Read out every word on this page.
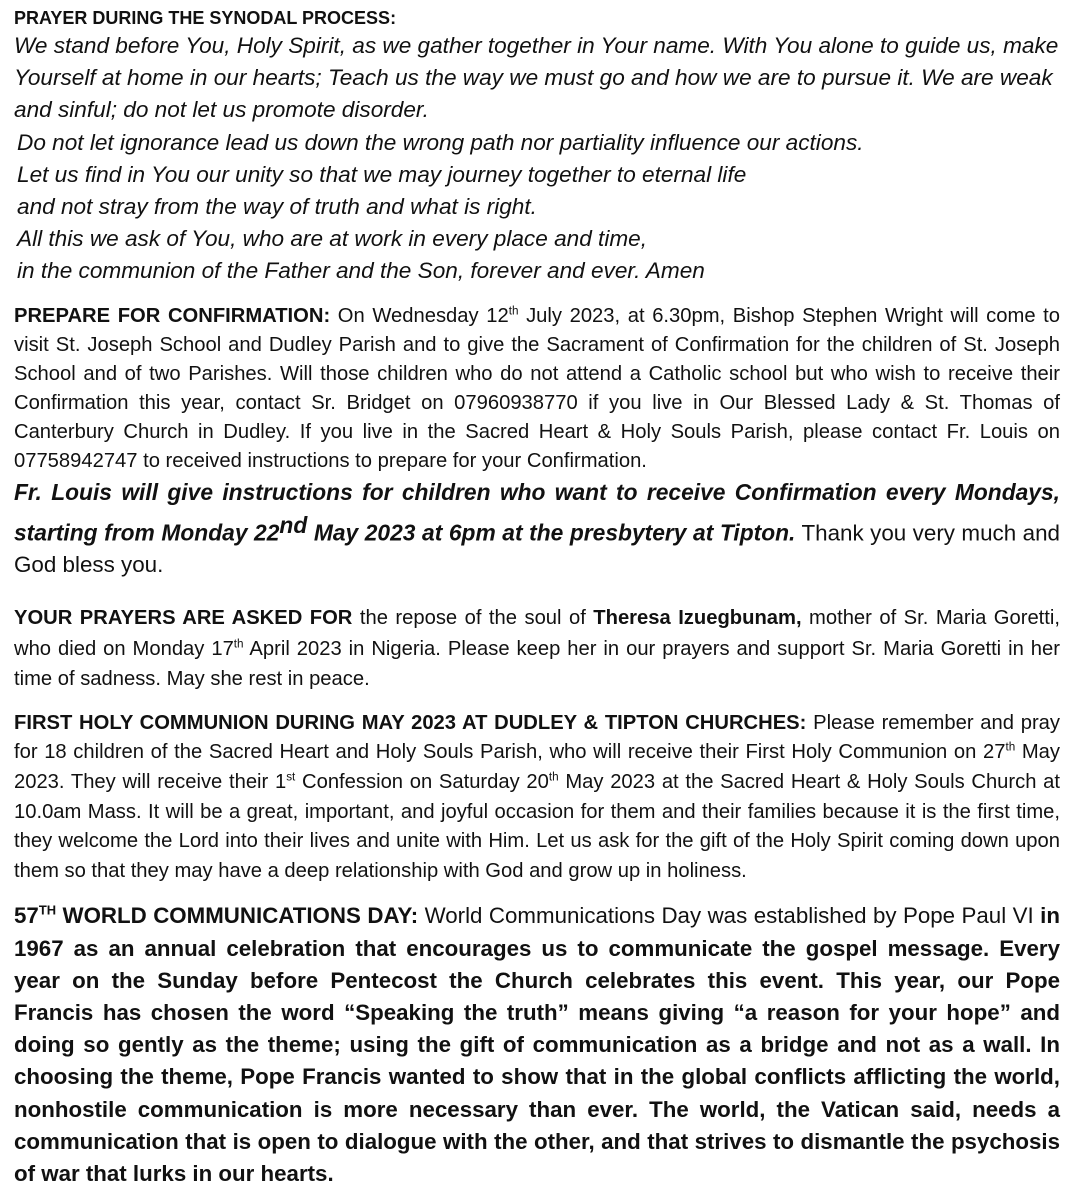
PRAYER DURING THE SYNODAL PROCESS:
We stand before You, Holy Spirit, as we gather together in Your name. With You alone to guide us, make Yourself at home in our hearts; Teach us the way we must go and how we are to pursue it. We are weak and sinful; do not let us promote disorder.
Do not let ignorance lead us down the wrong path nor partiality influence our actions.
Let us find in You our unity so that we may journey together to eternal life
and not stray from the way of truth and what is right.
All this we ask of You, who are at work in every place and time,
in the communion of the Father and the Son, forever and ever. Amen
PREPARE FOR CONFIRMATION: On Wednesday 12th July 2023, at 6.30pm, Bishop Stephen Wright will come to visit St. Joseph School and Dudley Parish and to give the Sacrament of Confirmation for the children of St. Joseph School and of two Parishes. Will those children who do not attend a Catholic school but who wish to receive their Confirmation this year, contact Sr. Bridget on 07960938770 if you live in Our Blessed Lady & St. Thomas of Canterbury Church in Dudley. If you live in the Sacred Heart & Holy Souls Parish, please contact Fr. Louis on 07758942747 to received instructions to prepare for your Confirmation.
Fr. Louis will give instructions for children who want to receive Confirmation every Mondays, starting from Monday 22nd May 2023 at 6pm at the presbytery at Tipton. Thank you very much and God bless you.
YOUR PRAYERS ARE ASKED FOR the repose of the soul of Theresa Izuegbunam, mother of Sr. Maria Goretti, who died on Monday 17th April 2023 in Nigeria. Please keep her in our prayers and support Sr. Maria Goretti in her time of sadness. May she rest in peace.
FIRST HOLY COMMUNION DURING MAY 2023 AT DUDLEY & TIPTON CHURCHES: Please remember and pray for 18 children of the Sacred Heart and Holy Souls Parish, who will receive their First Holy Communion on 27th May 2023. They will receive their 1st Confession on Saturday 20th May 2023 at the Sacred Heart & Holy Souls Church at 10.0am Mass. It will be a great, important, and joyful occasion for them and their families because it is the first time, they welcome the Lord into their lives and unite with Him. Let us ask for the gift of the Holy Spirit coming down upon them so that they may have a deep relationship with God and grow up in holiness.
57TH WORLD COMMUNICATIONS DAY: World Communications Day was established by Pope Paul VI in 1967 as an annual celebration that encourages us to communicate the gospel message. Every year on the Sunday before Pentecost the Church celebrates this event. This year, our Pope Francis has chosen the word “Speaking the truth” means giving “a reason for your hope” and doing so gently as the theme; using the gift of communication as a bridge and not as a wall. In choosing the theme, Pope Francis wanted to show that in the global conflicts afflicting the world, nonhostile communication is more necessary than ever. The world, the Vatican said, needs a communication that is open to dialogue with the other, and that strives to dismantle the psychosis of war that lurks in our hearts.
